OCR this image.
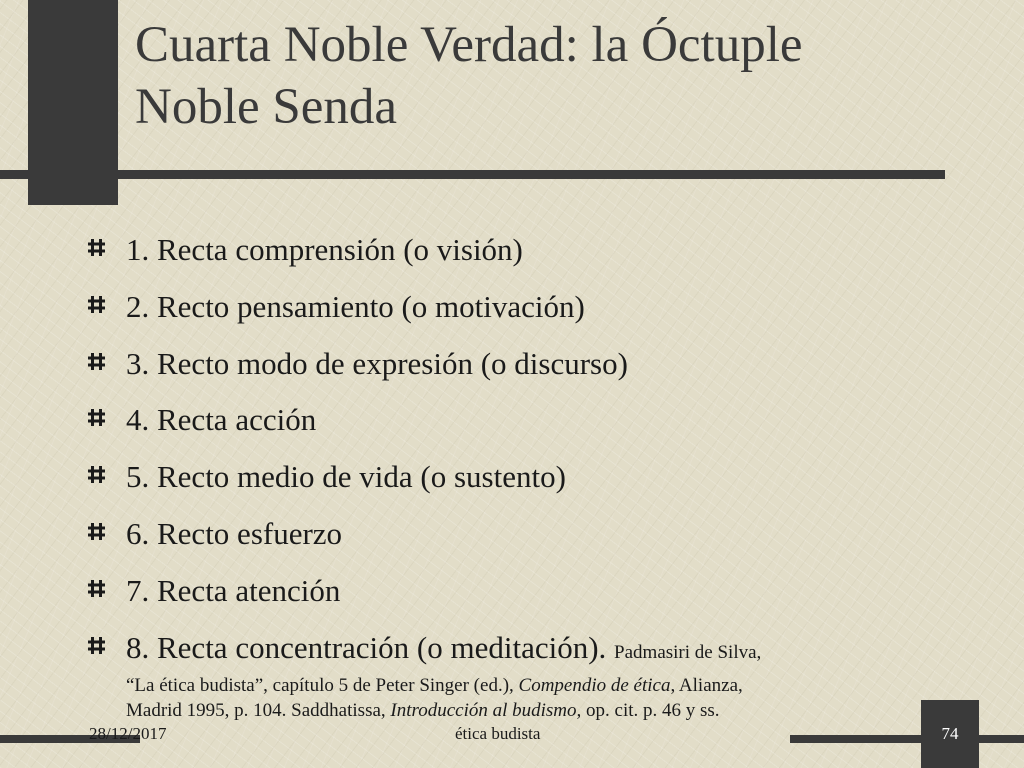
Cuarta Noble Verdad: la Óctuple
Noble Senda
1. Recta comprensión (o visión)
2. Recto pensamiento (o motivación)
3. Recto modo de expresión (o discurso)
4. Recta acción
5. Recto medio de vida (o sustento)
6. Recto esfuerzo
7. Recta atención
8. Recta concentración (o meditación). Padmasiri de Silva,
“La ética budista”, capítulo 5 de Peter Singer (ed.), Compendio de ética, Alianza,
Madrid 1995, p. 104. Saddhatissa, Introducción al budismo, op. cit. p. 46 y ss.
28/12/2017	ética budista	74
